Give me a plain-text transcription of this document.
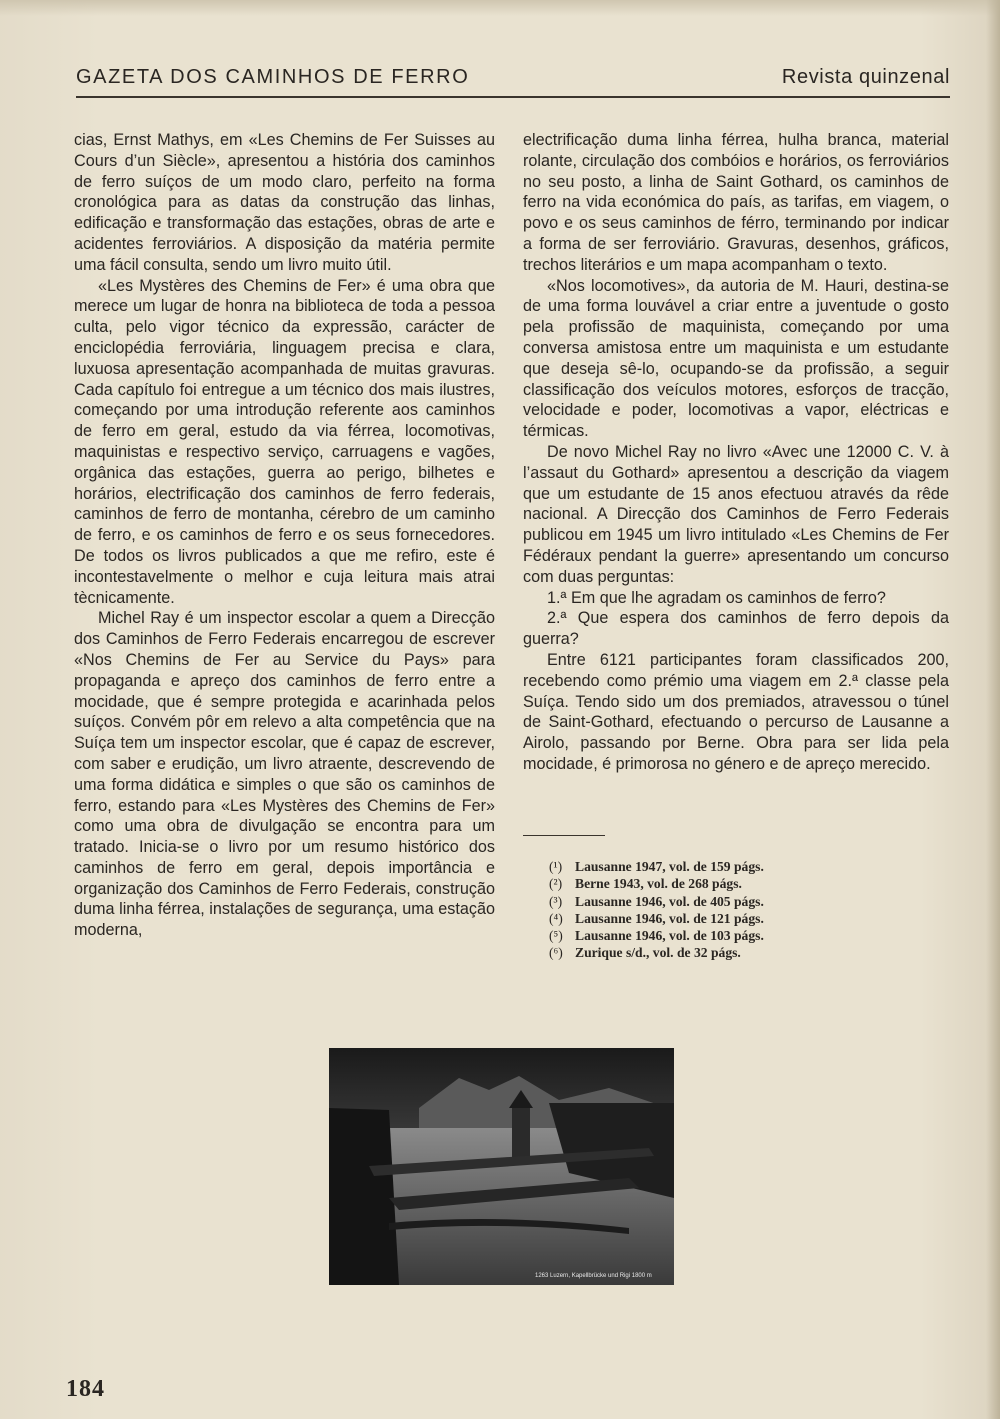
GAZETA DOS CAMINHOS DE FERRO	Revista quinzenal

cias, Ernst Mathys, em «Les Chemins de Fer Suisses au Cours d’un Siècle», apresentou a história dos caminhos de ferro suíços de um modo claro, perfeito na forma cronológica para as datas da construção das linhas, edificação e transformação das estações, obras de arte e acidentes ferroviários. A disposição da matéria permite uma fácil consulta, sendo um livro muito útil.

«Les Mystères des Chemins de Fer» é uma obra que merece um lugar de honra na biblioteca de toda a pessoa culta, pelo vigor técnico da expressão, carácter de enciclopédia ferroviária, linguagem precisa e clara, luxuosa apresentação acompanhada de muitas gravuras. Cada capítulo foi entregue a um técnico dos mais ilustres, começando por uma introdução referente aos caminhos de ferro em geral, estudo da via férrea, locomotivas, maquinistas e respectivo serviço, carruagens e vagões, orgânica das estações, guerra ao perigo, bilhetes e horários, electrificação dos caminhos de ferro federais, caminhos de ferro de montanha, cérebro de um caminho de ferro, e os caminhos de ferro e os seus fornecedores. De todos os livros publicados a que me refiro, este é incontestavelmente o melhor e cuja leitura mais atrai tècnicamente.

Michel Ray é um inspector escolar a quem a Direcção dos Caminhos de Ferro Federais encarregou de escrever «Nos Chemins de Fer au Service du Pays» para propaganda e apreço dos caminhos de ferro entre a mocidade, que é sempre protegida e acarinhada pelos suíços. Convém pôr em relevo a alta competência que na Suíça tem um inspector escolar, que é capaz de escrever, com saber e erudição, um livro atraente, descrevendo de uma forma didática e simples o que são os caminhos de ferro, estando para «Les Mystères des Chemins de Fer» como uma obra de divulgação se encontra para um tratado. Inicia-se o livro por um resumo histórico dos caminhos de ferro em geral, depois importância e organização dos Caminhos de Ferro Federais, construção duma linha férrea, instalações de segurança, uma estação moderna,

electrificação duma linha férrea, hulha branca, material rolante, circulação dos combóios e horários, os ferroviários no seu posto, a linha de Saint Gothard, os caminhos de ferro na vida económica do país, as tarifas, em viagem, o povo e os seus caminhos de férro, terminando por indicar a forma de ser ferroviário. Gravuras, desenhos, gráficos, trechos literários e um mapa acompanham o texto.

«Nos locomotives», da autoria de M. Hauri, destina-se de uma forma louvável a criar entre a juventude o gosto pela profissão de maquinista, começando por uma conversa amistosa entre um maquinista e um estudante que deseja sê-lo, ocupando-se da profissão, a seguir classificação dos veículos motores, esforços de tracção, velocidade e poder, locomotivas a vapor, eléctricas e térmicas.

De novo Michel Ray no livro «Avec une 12000 C. V. à l’assaut du Gothard» apresentou a descrição da viagem que um estudante de 15 anos efectuou através da rêde nacional. A Direcção dos Caminhos de Ferro Federais publicou em 1945 um livro intitulado «Les Chemins de Fer Fédéraux pendant la guerre» apresentando um concurso com duas perguntas:

1.ª Em que lhe agradam os caminhos de ferro?

2.ª Que espera dos caminhos de ferro depois da guerra?

Entre 6121 participantes foram classificados 200, recebendo como prémio uma viagem em 2.ª classe pela Suíça. Tendo sido um dos premiados, atravessou o túnel de Saint-Gothard, efectuando o percurso de Lausanne a Airolo, passando por Berne. Obra para ser lida pela mocidade, é primorosa no género e de apreço merecido.

(¹) Lausanne 1947, vol. de 159 págs.
(²) Berne 1943, vol. de 268 págs.
(³) Lausanne 1946, vol. de 405 págs.
(⁴) Lausanne 1946, vol. de 121 págs.
(⁵) Lausanne 1946, vol. de 103 págs.
(⁶) Zurique s/d., vol. de 32 págs.
1263 Luzern, Kapellbrücke und Rigi 1800 m
184
